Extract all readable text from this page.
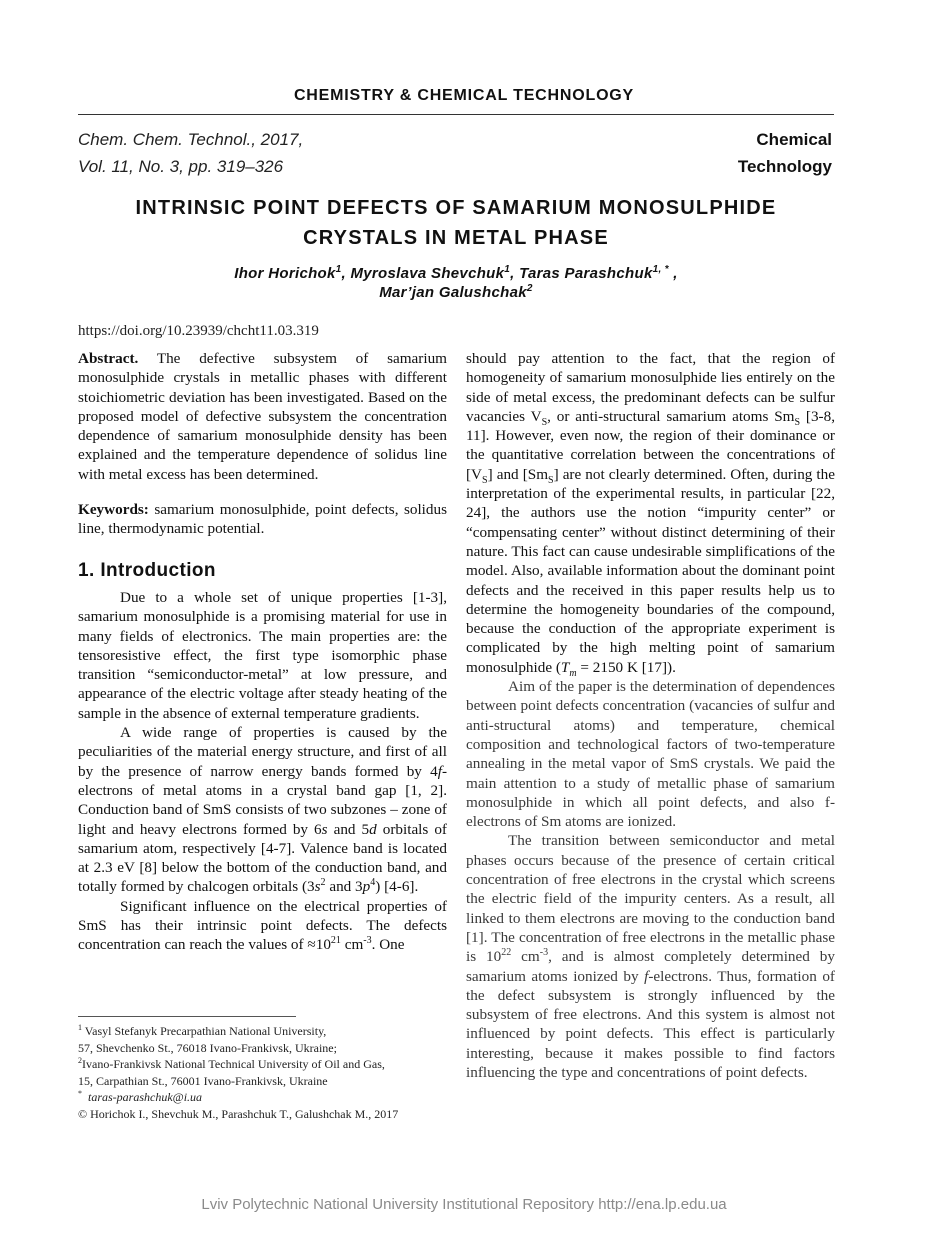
CHEMISTRY & CHEMICAL TECHNOLOGY
Chem. Chem. Technol., 2017,
Vol. 11, No. 3, pp. 319–326
Chemical
Technology
INTRINSIC POINT DEFECTS OF SAMARIUM MONOSULPHIDE
CRYSTALS IN METAL PHASE
Ihor Horichok$^1$, Myroslava Shevchuk$^1$, Taras Parashchuk$^{1, *}$ ,
Mar’jan Galushchak$^2$
https://doi.org/10.23939/chcht11.03.319

Abstract. The defective subsystem of samarium monosulphide crystals in metallic phases with different stoichiometric deviation has been investigated. Based on the proposed model of defective subsystem the concentration dependence of samarium monosulphide density has been explained and the temperature dependence of solidus line with metal excess has been determined.

Keywords: samarium monosulphide, point defects, solidus line, thermodynamic potential.

1. Introduction

Due to a whole set of unique properties [1-3], samarium monosulphide is a promising material for use in many fields of electronics. The main properties are: the tensoresistive effect, the first type isomorphic phase transition “semiconductor-metal” at low pressure, and appearance of the electric voltage after steady heating of the sample in the absence of external temperature gradients.

A wide range of properties is caused by the peculiarities of the material energy structure, and first of all by the presence of narrow energy bands formed by 4f-electrons of metal atoms in a crystal band gap [1, 2]. Conduction band of SmS consists of two subzones – zone of light and heavy electrons formed by 6s and 5d orbitals of samarium atom, respectively [4-7]. Valence band is located at 2.3 eV [8] below the bottom of the conduction band, and totally formed by chalcogen orbitals ($3s^2$ and $3p^4$) [4-6].

Significant influence on the electrical properties of SmS has their intrinsic point defects. The defects concentration can reach the values of $\approx 10^{21}$ $cm^{-3}$. One

should pay attention to the fact, that the region of homogeneity of samarium monosulphide lies entirely on the side of metal excess, the predominant defects can be sulfur vacancies $V_S$, or anti-structural samarium atoms $Sm_S$ [3-8, 11]. However, even now, the region of their dominance or the quantitative correlation between the concentrations of $[V_S]$ and $[Sm_S]$ are not clearly determined. Often, during the interpretation of the experimental results, in particular [22, 24], the authors use the notion “impurity center” or “compensating center” without distinct determining of their nature. This fact can cause undesirable simplifications of the model. Also, available information about the dominant point defects and the received in this paper results help us to determine the homogeneity boundaries of the compound, because the conduction of the appropriate experiment is complicated by the high melting point of samarium monosulphide ($T_m = 2150$ K [17]).

Aim of the paper is the determination of dependences between point defects concentration (vacancies of sulfur and anti-structural atoms) and temperature, chemical composition and technological factors of two-temperature annealing in the metal vapor of SmS crystals. We paid the main attention to a study of metallic phase of samarium monosulphide in which all point defects, and also f-electrons of Sm atoms are ionized.

The transition between semiconductor and metal phases occurs because of the presence of certain critical concentration of free electrons in the crystal which screens the electric field of the impurity centers. As a result, all linked to them electrons are moving to the conduction band [1]. The concentration of free electrons in the metallic phase is $10^{22}$ $cm^{-3}$, and is almost completely determined by samarium atoms ionized by f-electrons. Thus, formation of the defect subsystem is strongly influenced by the subsystem of free electrons. And this system is almost not influenced by point defects. This effect is particularly interesting, because it makes possible to find factors influencing the type and concentrations of point defects.

$^1$ Vasyl Stefanyk Precarpathian National University,
57, Shevchenko St., 76018 Ivano-Frankivsk, Ukraine;
$^2$Ivano-Frankivsk National Technical University of Oil and Gas,
15, Carpathian St., 76001 Ivano-Frankivsk, Ukraine
* taras-parashchuk@i.ua
© Horichok I., Shevchuk M., Parashchuk T., Galushchak M., 2017
Lviv Polytechnic National University Institutional Repository http://ena.lp.edu.ua
